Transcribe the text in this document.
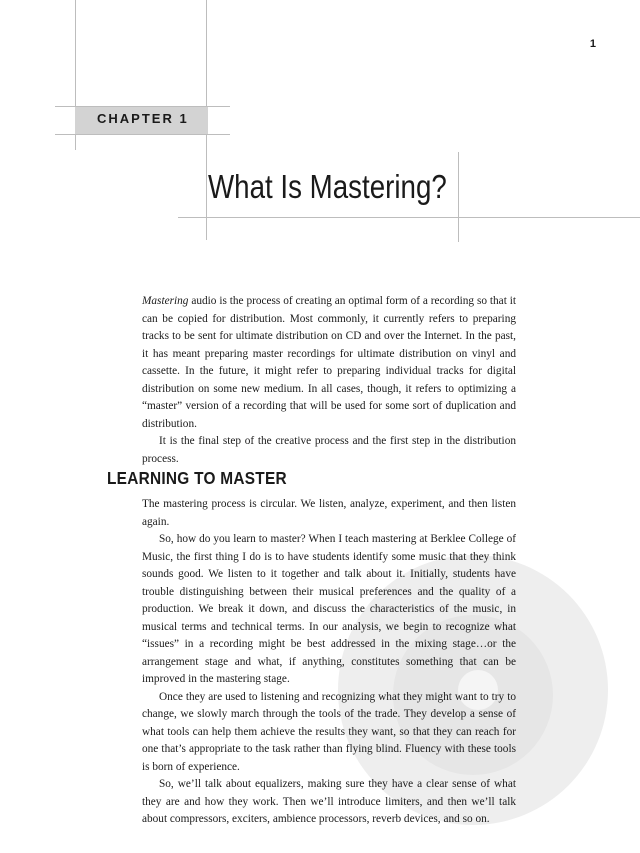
1
CHAPTER 1
What Is Mastering?

Mastering audio is the process of creating an optimal form of a recording so that it can be copied for distribution. Most commonly, it currently refers to preparing tracks to be sent for ultimate distribution on CD and over the Internet. In the past, it has meant preparing master recordings for ultimate distribution on vinyl and cassette. In the future, it might refer to preparing individual tracks for digital distribution on some new medium. In all cases, though, it refers to optimizing a “master” version of a recording that will be used for some sort of duplication and distribution.

It is the final step of the creative process and the first step in the distribution process.

LEARNING TO MASTER

The mastering process is circular. We listen, analyze, experiment, and then listen again.

So, how do you learn to master? When I teach mastering at Berklee College of Music, the first thing I do is to have students identify some music that they think sounds good. We listen to it together and talk about it. Initially, students have trouble distinguishing between their musical preferences and the quality of a production. We break it down, and discuss the characteristics of the music, in musical terms and technical terms. In our analysis, we begin to recognize what “issues” in a recording might be best addressed in the mixing stage…or the arrangement stage and what, if anything, constitutes something that can be improved in the mastering stage.

Once they are used to listening and recognizing what they might want to try to change, we slowly march through the tools of the trade. They develop a sense of what tools can help them achieve the results they want, so that they can reach for one that’s appropriate to the task rather than flying blind. Fluency with these tools is born of experience.

So, we’ll talk about equalizers, making sure they have a clear sense of what they are and how they work. Then we’ll introduce limiters, and then we’ll talk about compressors, exciters, ambience processors, reverb devices, and so on.
